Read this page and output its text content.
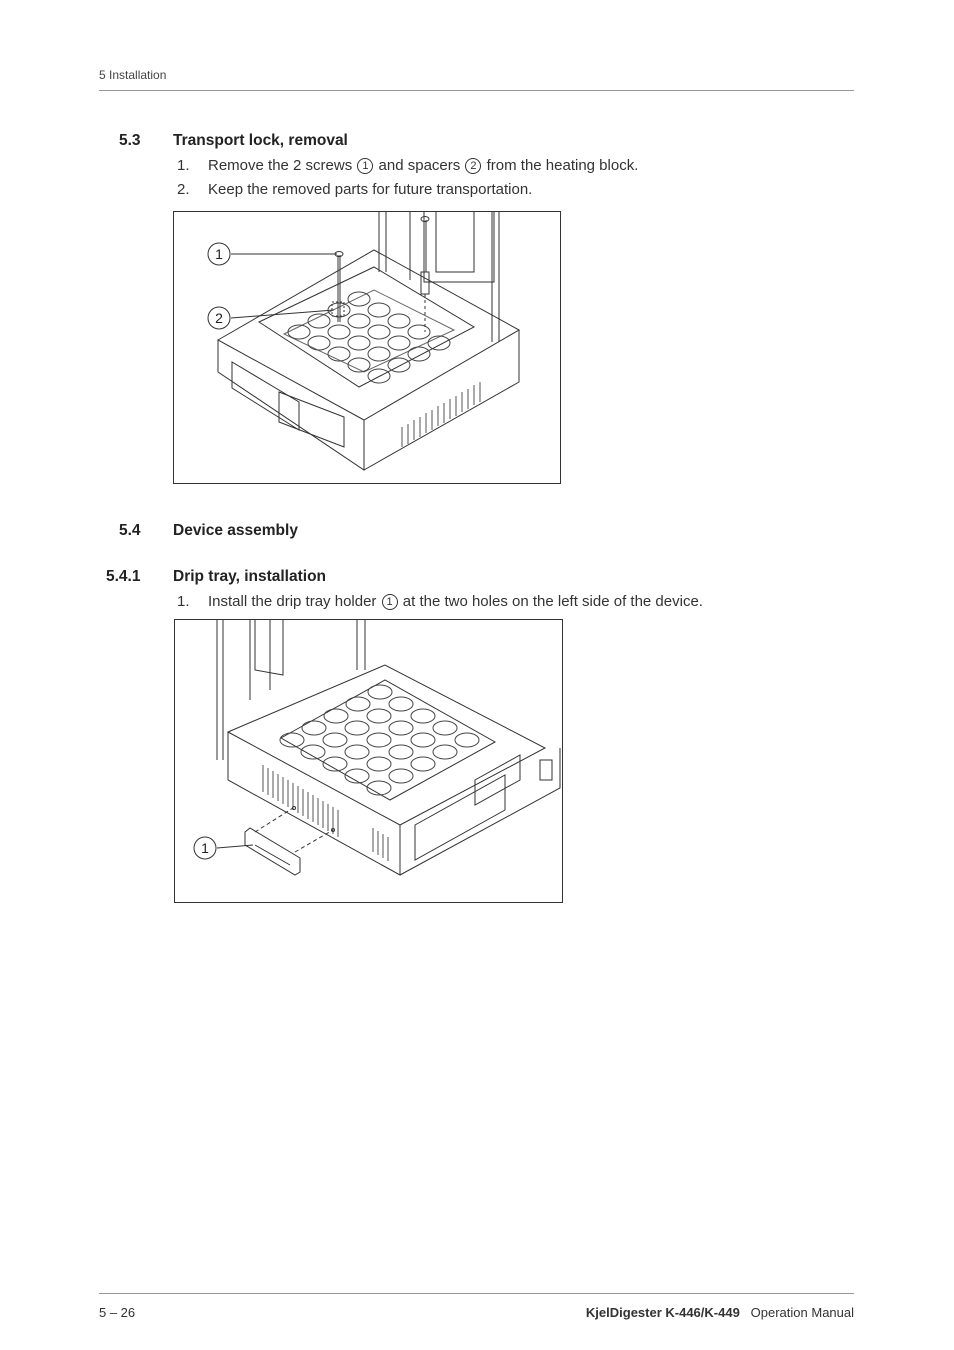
5 Installation
5.3 Transport lock, removal
1. Remove the 2 screws 1 and spacers 2 from the heating block.
2. Keep the removed parts for future transportation.
1
2
5.4 Device assembly
5.4.1 Drip tray, installation
1. Install the drip tray holder 1 at the two holes on the left side of the device.
1
5 – 26	KjelDigester K-446/K-449 Operation Manual
